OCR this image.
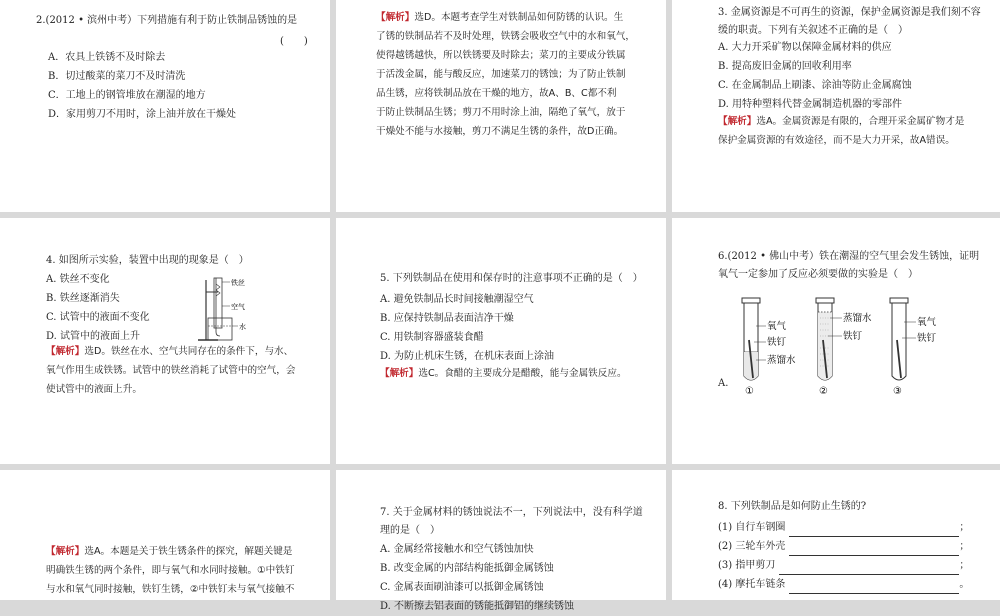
2.(2012 • 滨州中考）下列措施有利于防止铁制品锈蚀的是
(　　)
A．农具上铁锈不及时除去
B．切过酸菜的菜刀不及时清洗
C．工地上的钢管堆放在潮湿的地方
D．家用剪刀不用时，涂上油并放在干燥处
【解析】选D。本题考查学生对铁制品如何防锈的认识。生
了锈的铁制品若不及时处理，铁锈会吸收空气中的水和氧气，
使得越锈越快，所以铁锈要及时除去；菜刀的主要成分铁属
于活泼金属，能与酸反应，加速菜刀的锈蚀；为了防止铁制
品生锈，应将铁制品放在干燥的地方，故A、B、C都不利
于防止铁制品生锈；剪刀不用时涂上油，隔绝了氧气，放于
干燥处不能与水接触，剪刀不满足生锈的条件，故D正确。
3. 金属资源是不可再生的资源，保护金属资源是我们刻不容
缓的职责。下列有关叙述不正确的是（　）
A. 大力开采矿物以保障金属材料的供应
B. 提高废旧金属的回收利用率
C. 在金属制品上刷漆、涂油等防止金属腐蚀
D. 用特种塑料代替金属制造机器的零部件
【解析】选A。金属资源是有限的，合理开采金属矿物才是
保护金属资源的有效途径，而不是大力开采，故A错误。
4. 如图所示实验，装置中出现的现象是（　）
A. 铁丝不变化
B. 铁丝逐渐消失
C. 试管中的液面不变化
D. 试管中的液面上升
铁丝
空气
水
【解析】选D。铁丝在水、空气共同存在的条件下，与水、
氧气作用生成铁锈。试管中的铁丝消耗了试管中的空气，会
使试管中的液面上升。
5. 下列铁制品在使用和保存时的注意事项不正确的是（　）
A. 避免铁制品长时间接触潮湿空气
B. 应保持铁制品表面洁净干燥
C. 用铁制容器盛装食醋
D. 为防止机床生锈，在机床表面上涂油
【解析】选C。食醋的主要成分是醋酸，能与金属铁反应。
6.(2012 • 佛山中考）铁在潮湿的空气里会发生锈蚀，证明
氧气一定参加了反应必须要做的实验是（　）
A.
氧气
铁钉
蒸馏水
①
蒸馏水
铁钉
②
氧气
铁钉
③
【解析】选A。本题是关于铁生锈条件的探究，解题关键是
明确铁生锈的两个条件，即与氧气和水同时接触。①中铁钉
与水和氧气同时接触，铁钉生锈，②中铁钉未与氧气接触不
7. 关于金属材料的锈蚀说法不一，下列说法中，没有科学道
理的是（　）
A. 金属经常接触水和空气锈蚀加快
B. 改变金属的内部结构能抵御金属锈蚀
C. 金属表面刷油漆可以抵御金属锈蚀
D. 不断擦去铝表面的锈能抵御铝的继续锈蚀
8. 下列铁制品是如何防止生锈的?
(1) 自行车钢圈	；
(2) 三轮车外壳	；
(3) 指甲剪刀	；
(4) 摩托车链条	。
